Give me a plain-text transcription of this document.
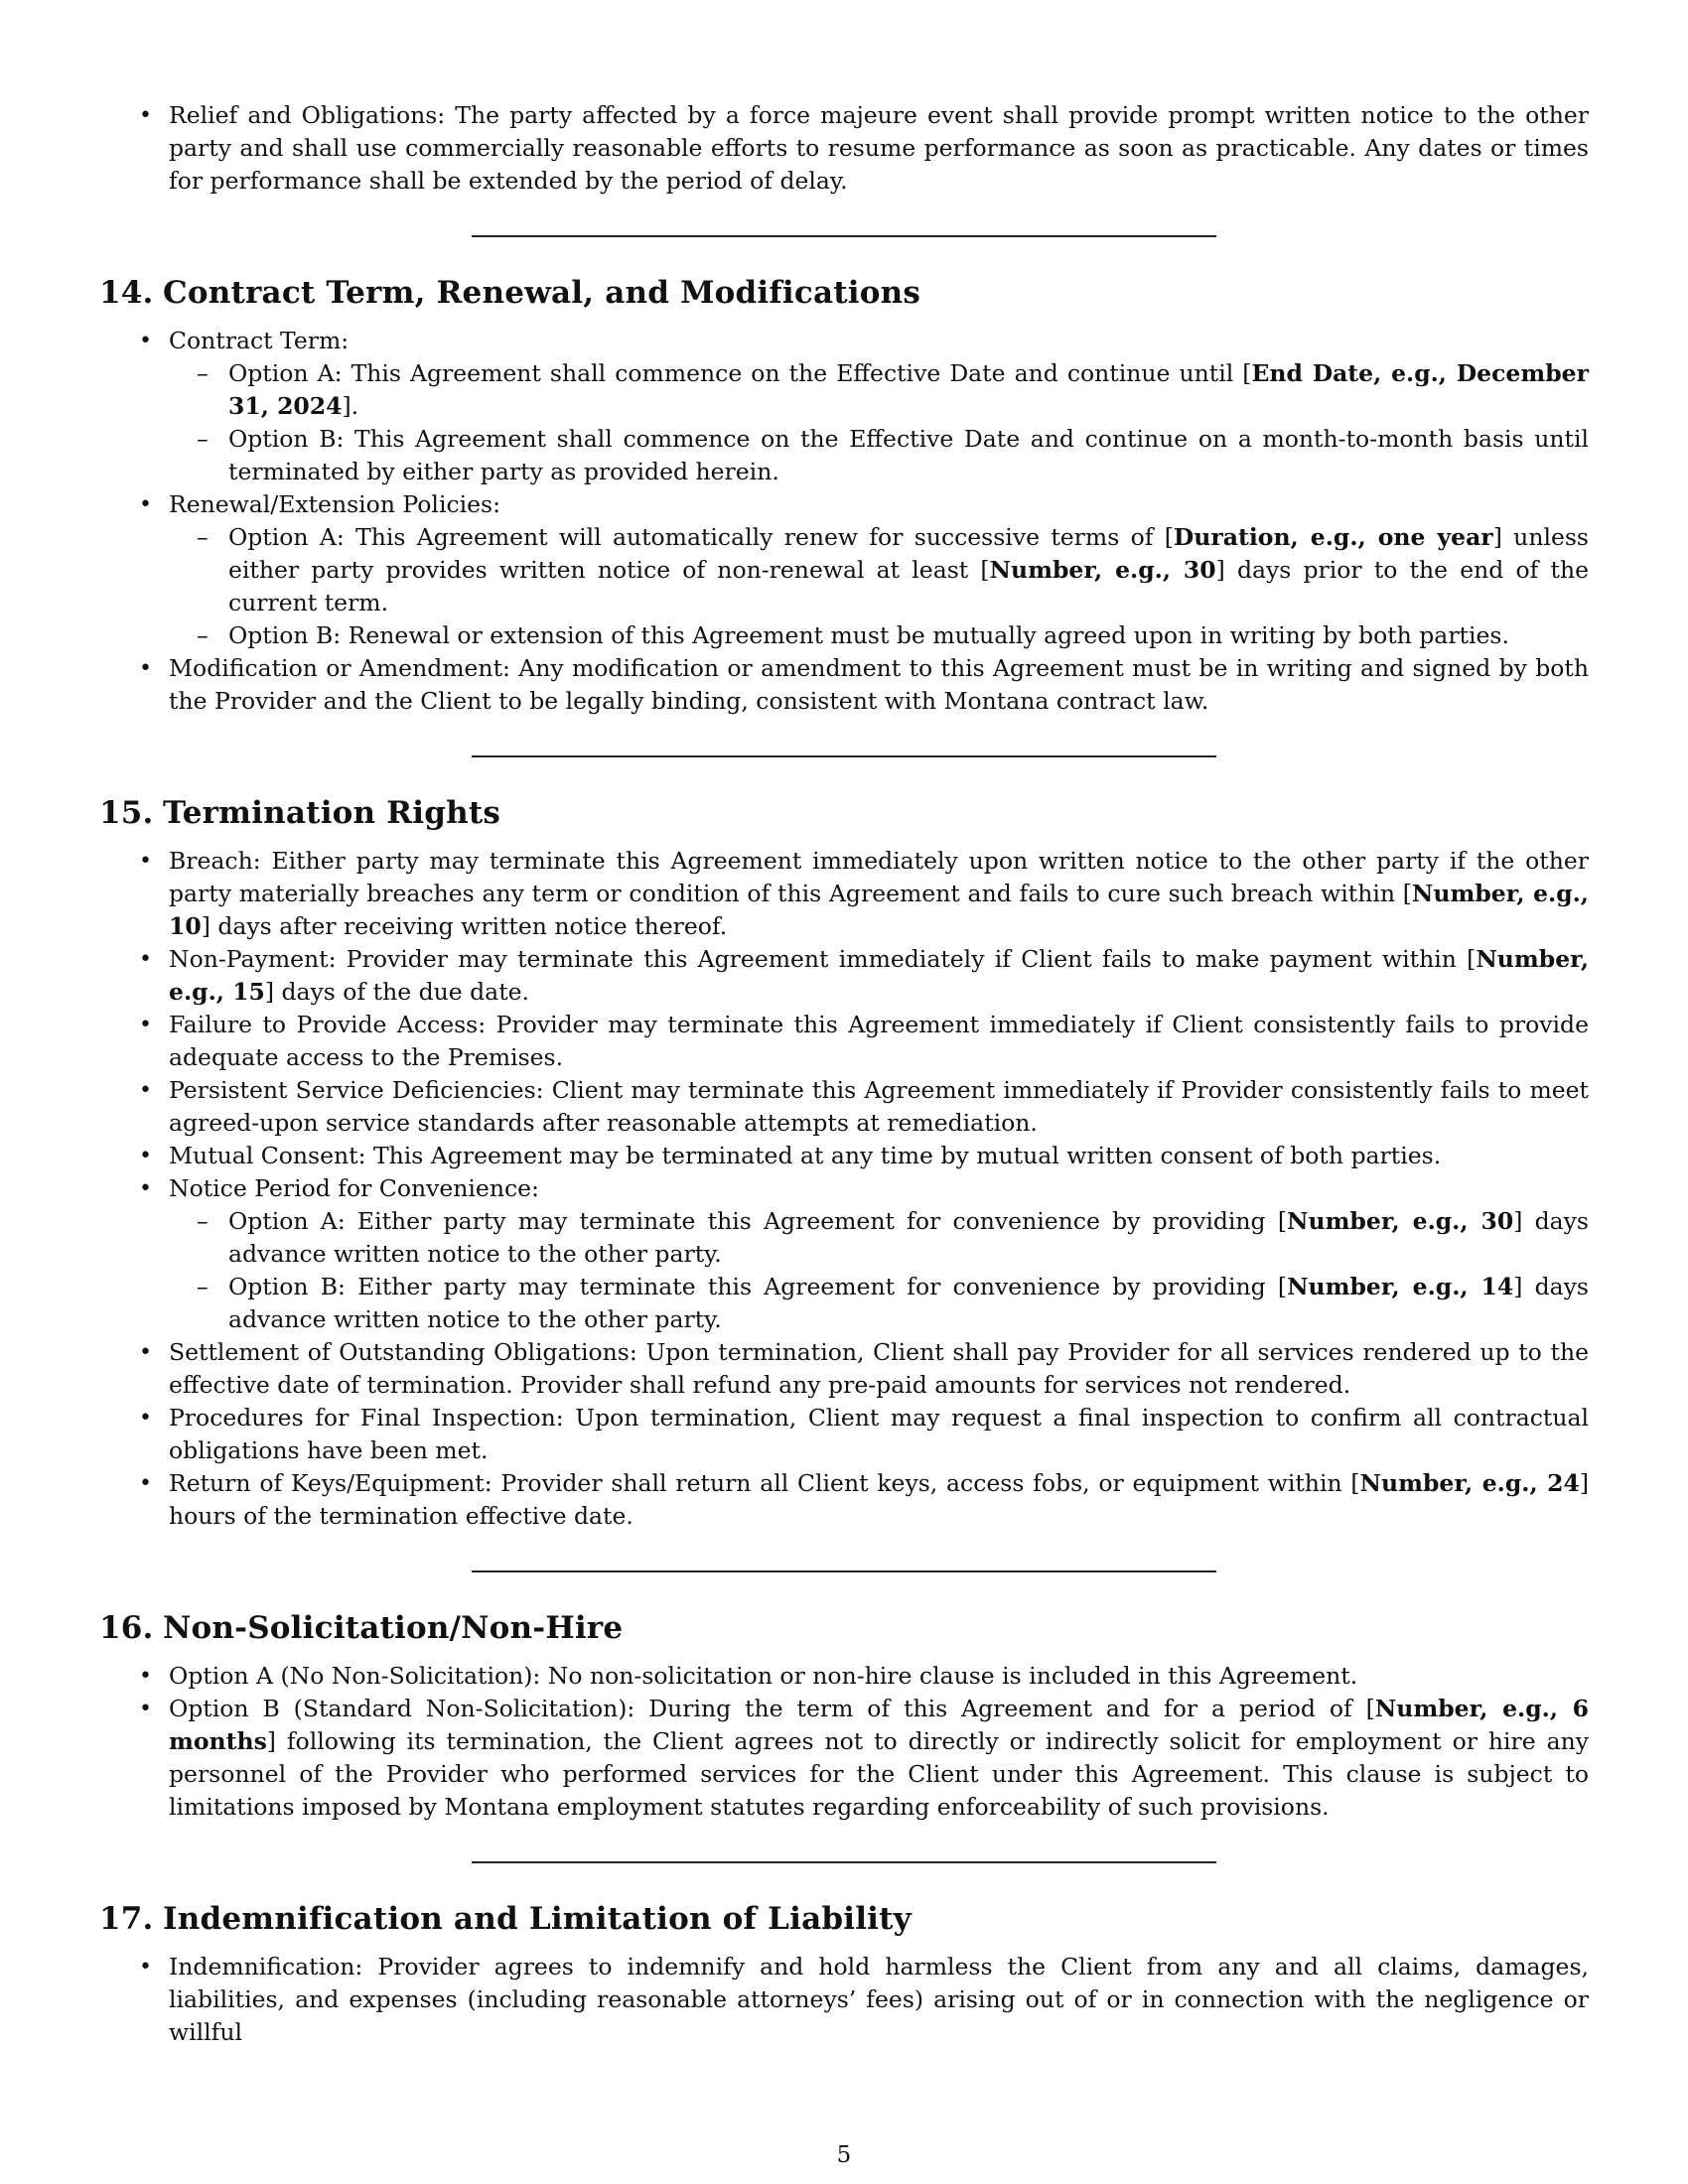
• Relief and Obligations: The party affected by a force majeure event shall provide prompt written notice to the other party and shall use commercially reasonable efforts to resume performance as soon as practicable. Any dates or times for performance shall be extended by the period of delay.
14. Contract Term, Renewal, and Modifications
• Contract Term:
– Option A: This Agreement shall commence on the Effective Date and continue until [End Date, e.g., December 31, 2024].
– Option B: This Agreement shall commence on the Effective Date and continue on a month-to-month basis until terminated by either party as provided herein.
• Renewal/Extension Policies:
– Option A: This Agreement will automatically renew for successive terms of [Duration, e.g., one year] unless either party provides written notice of non-renewal at least [Number, e.g., 30] days prior to the end of the current term.
– Option B: Renewal or extension of this Agreement must be mutually agreed upon in writing by both parties.
• Modification or Amendment: Any modification or amendment to this Agreement must be in writing and signed by both the Provider and the Client to be legally binding, consistent with Montana contract law.
15. Termination Rights
• Breach: Either party may terminate this Agreement immediately upon written notice to the other party if the other party materially breaches any term or condition of this Agreement and fails to cure such breach within [Number, e.g., 10] days after receiving written notice thereof.
• Non-Payment: Provider may terminate this Agreement immediately if Client fails to make payment within [Number, e.g., 15] days of the due date.
• Failure to Provide Access: Provider may terminate this Agreement immediately if Client consistently fails to provide adequate access to the Premises.
• Persistent Service Deficiencies: Client may terminate this Agreement immediately if Provider consistently fails to meet agreed-upon service standards after reasonable attempts at remediation.
• Mutual Consent: This Agreement may be terminated at any time by mutual written consent of both parties.
• Notice Period for Convenience:
– Option A: Either party may terminate this Agreement for convenience by providing [Number, e.g., 30] days advance written notice to the other party.
– Option B: Either party may terminate this Agreement for convenience by providing [Number, e.g., 14] days advance written notice to the other party.
• Settlement of Outstanding Obligations: Upon termination, Client shall pay Provider for all services rendered up to the effective date of termination. Provider shall refund any pre-paid amounts for services not rendered.
• Procedures for Final Inspection: Upon termination, Client may request a final inspection to confirm all contractual obligations have been met.
• Return of Keys/Equipment: Provider shall return all Client keys, access fobs, or equipment within [Number, e.g., 24] hours of the termination effective date.
16. Non-Solicitation/Non-Hire
• Option A (No Non-Solicitation): No non-solicitation or non-hire clause is included in this Agreement.
• Option B (Standard Non-Solicitation): During the term of this Agreement and for a period of [Number, e.g., 6 months] following its termination, the Client agrees not to directly or indirectly solicit for employment or hire any personnel of the Provider who performed services for the Client under this Agreement. This clause is subject to limitations imposed by Montana employment statutes regarding enforceability of such provisions.
17. Indemnification and Limitation of Liability
• Indemnification: Provider agrees to indemnify and hold harmless the Client from any and all claims, damages, liabilities, and expenses (including reasonable attorneys’ fees) arising out of or in connection with the negligence or willful
5
